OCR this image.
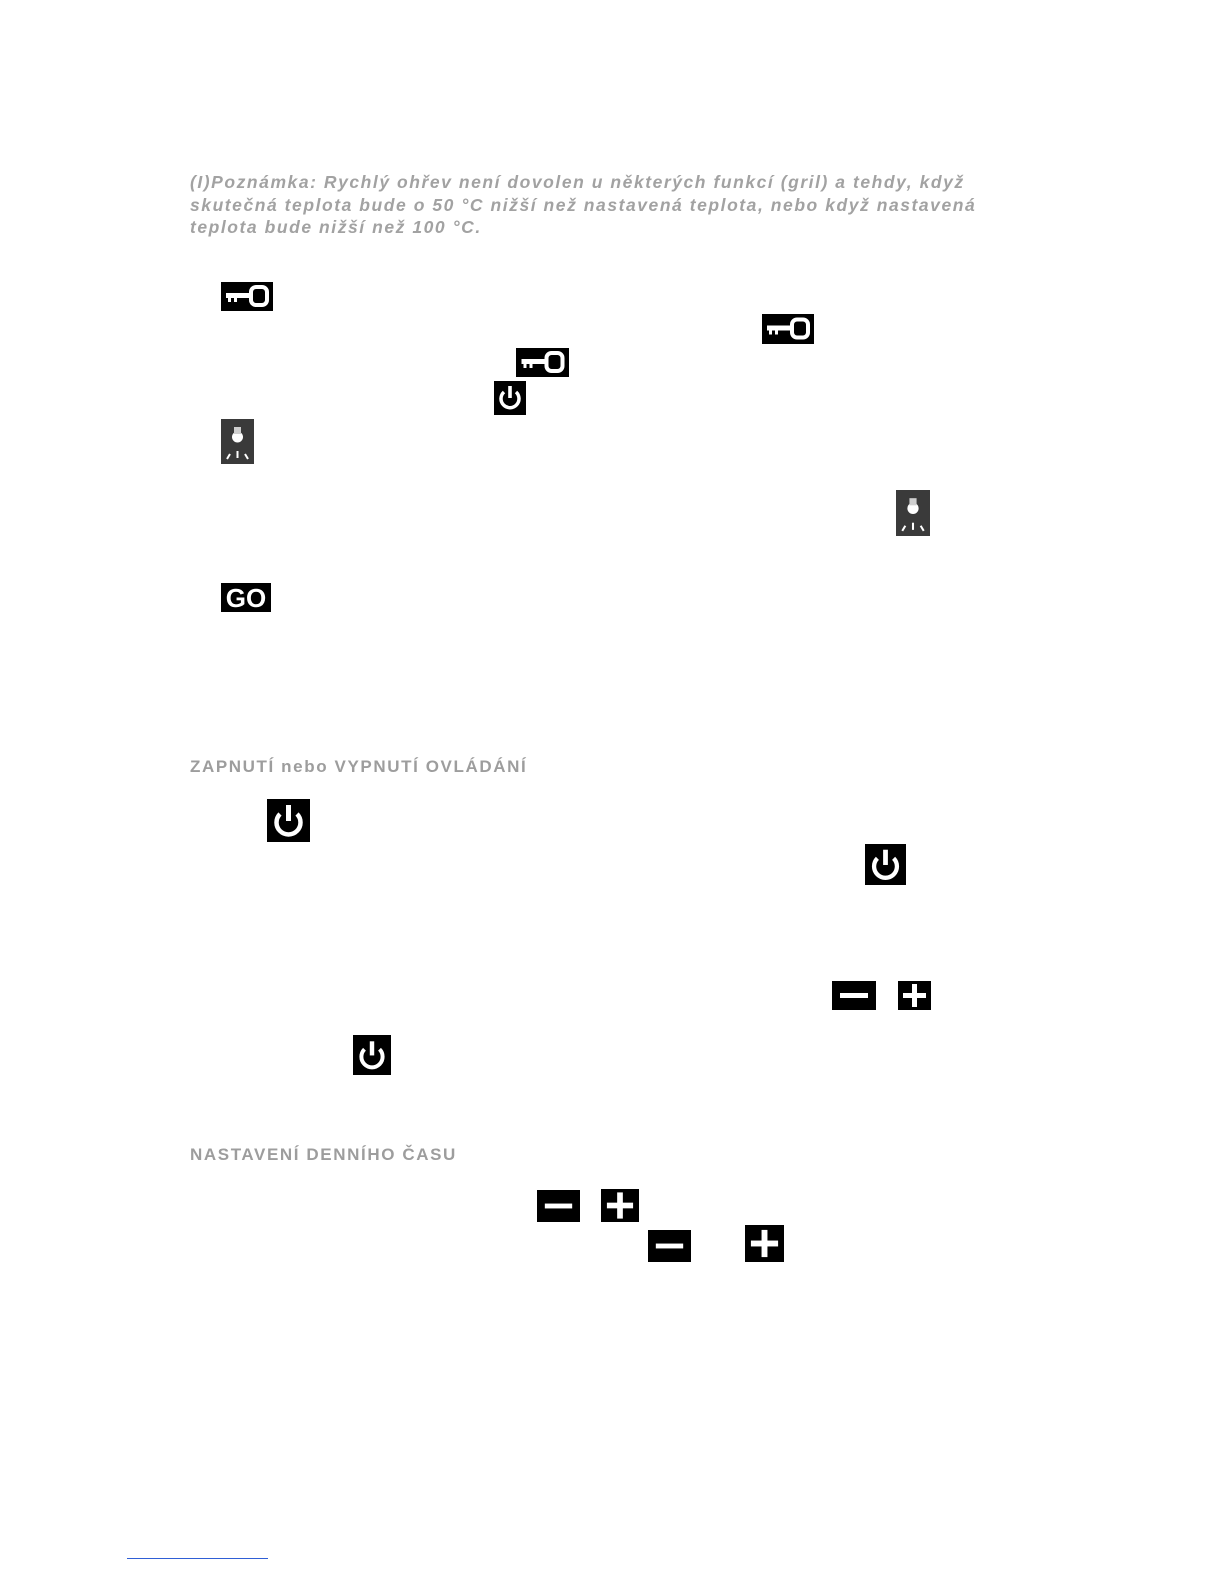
(I)Poznámka: Rychlý ohřev není dovolen u některých funkcí (gril) a tehdy, když skutečná teplota bude o 50 °C nižší než nastavená teplota, nebo když nastavená teplota bude nižší než 100 °C.

GO
ZAPNUTÍ nebo VYPNUTÍ OVLÁDÁNÍ
NASTAVENÍ DENNÍHO ČASU
